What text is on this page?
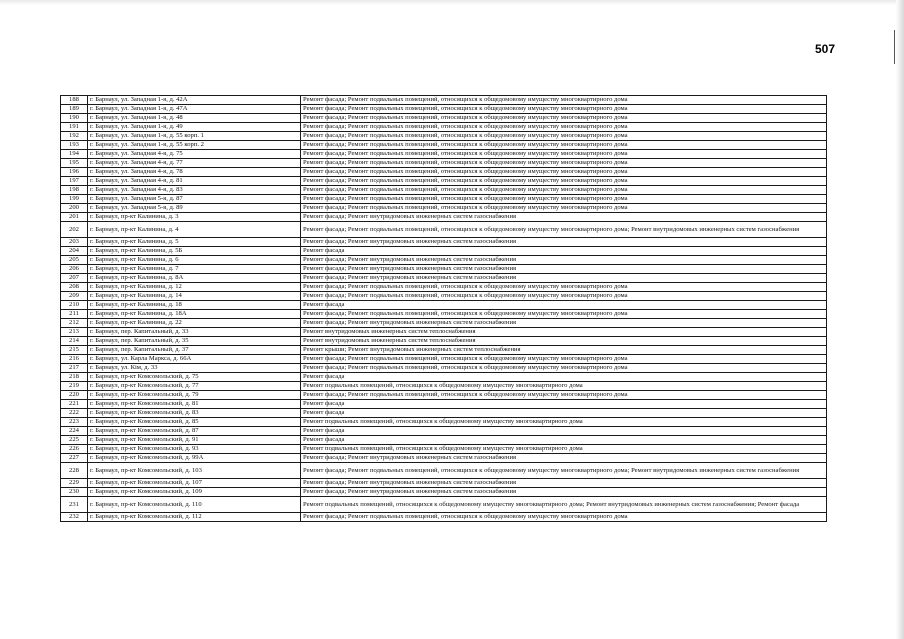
507
188	г. Барнаул, ул. Западная 1-я, д. 42А	Ремонт фасада; Ремонт подвальных помещений, относящихся к общедомовому имуществу многоквартирного дома
189	г. Барнаул, ул. Западная 1-я, д. 47А	Ремонт фасада; Ремонт подвальных помещений, относящихся к общедомовому имуществу многоквартирного дома
190	г. Барнаул, ул. Западная 1-я, д. 48	Ремонт фасада; Ремонт подвальных помещений, относящихся к общедомовому имуществу многоквартирного дома
191	г. Барнаул, ул. Западная 1-я, д. 49	Ремонт фасада; Ремонт подвальных помещений, относящихся к общедомовому имуществу многоквартирного дома
192	г. Барнаул, ул. Западная 1-я, д. 55 корп. 1	Ремонт фасада; Ремонт подвальных помещений, относящихся к общедомовому имуществу многоквартирного дома
193	г. Барнаул, ул. Западная 1-я, д. 55 корп. 2	Ремонт фасада; Ремонт подвальных помещений, относящихся к общедомовому имуществу многоквартирного дома
194	г. Барнаул, ул. Западная 4-я, д. 75	Ремонт фасада; Ремонт подвальных помещений, относящихся к общедомовому имуществу многоквартирного дома
195	г. Барнаул, ул. Западная 4-я, д. 77	Ремонт фасада; Ремонт подвальных помещений, относящихся к общедомовому имуществу многоквартирного дома
196	г. Барнаул, ул. Западная 4-я, д. 78	Ремонт фасада; Ремонт подвальных помещений, относящихся к общедомовому имуществу многоквартирного дома
197	г. Барнаул, ул. Западная 4-я, д. 81	Ремонт фасада; Ремонт подвальных помещений, относящихся к общедомовому имуществу многоквартирного дома
198	г. Барнаул, ул. Западная 4-я, д. 83	Ремонт фасада; Ремонт подвальных помещений, относящихся к общедомовому имуществу многоквартирного дома
199	г. Барнаул, ул. Западная 5-я, д. 87	Ремонт фасада; Ремонт подвальных помещений, относящихся к общедомовому имуществу многоквартирного дома
200	г. Барнаул, ул. Западная 5-я, д. 89	Ремонт фасада; Ремонт подвальных помещений, относящихся к общедомовому имуществу многоквартирного дома
201	г. Барнаул, пр-кт Калинина, д. 3	Ремонт фасада; Ремонт внутридомовых инженерных систем газоснабжения
202	г. Барнаул, пр-кт Калинина, д. 4	Ремонт фасада; Ремонт подвальных помещений, относящихся к общедомовому имуществу многоквартирного дома; Ремонт внутридомовых инженерных систем газоснабжения
203	г. Барнаул, пр-кт Калинина, д. 5	Ремонт фасада; Ремонт внутридомовых инженерных систем газоснабжения
204	г. Барнаул, пр-кт Калинина, д. 5Б	Ремонт фасада
205	г. Барнаул, пр-кт Калинина, д. 6	Ремонт фасада; Ремонт внутридомовых инженерных систем газоснабжения
206	г. Барнаул, пр-кт Калинина, д. 7	Ремонт фасада; Ремонт внутридомовых инженерных систем газоснабжения
207	г. Барнаул, пр-кт Калинина, д. 8А	Ремонт фасада; Ремонт внутридомовых инженерных систем газоснабжения
208	г. Барнаул, пр-кт Калинина, д. 12	Ремонт фасада; Ремонт подвальных помещений, относящихся к общедомовому имуществу многоквартирного дома
209	г. Барнаул, пр-кт Калинина, д. 14	Ремонт фасада; Ремонт подвальных помещений, относящихся к общедомовому имуществу многоквартирного дома
210	г. Барнаул, пр-кт Калинина, д. 18	Ремонт фасада
211	г. Барнаул, пр-кт Калинина, д. 18А	Ремонт фасада; Ремонт подвальных помещений, относящихся к общедомовому имуществу многоквартирного дома
212	г. Барнаул, пр-кт Калинина, д. 22	Ремонт фасада; Ремонт внутридомовых инженерных систем газоснабжения
213	г. Барнаул, пер. Капитальный, д. 33	Ремонт внутридомовых инженерных систем теплоснабжения
214	г. Барнаул, пер. Капитальный, д. 35	Ремонт внутридомовых инженерных систем теплоснабжения
215	г. Барнаул, пер. Капитальный, д. 37	Ремонт крыши; Ремонт внутридомовых инженерных систем теплоснабжения
216	г. Барнаул, ул. Карла Маркса, д. 66А	Ремонт фасада; Ремонт подвальных помещений, относящихся к общедомовому имуществу многоквартирного дома
217	г. Барнаул, ул. Кім, д. 33	Ремонт фасада; Ремонт подвальных помещений, относящихся к общедомовому имуществу многоквартирного дома
218	г. Барнаул, пр-кт Комсомольский, д. 75	Ремонт фасада
219	г. Барнаул, пр-кт Комсомольский, д. 77	Ремонт подвальных помещений, относящихся к общедомовому имуществу многоквартирного дома
220	г. Барнаул, пр-кт Комсомольский, д. 79	Ремонт фасада; Ремонт подвальных помещений, относящихся к общедомовому имуществу многоквартирного дома
221	г. Барнаул, пр-кт Комсомольский, д. 81	Ремонт фасада
222	г. Барнаул, пр-кт Комсомольский, д. 83	Ремонт фасада
223	г. Барнаул, пр-кт Комсомольский, д. 85	Ремонт подвальных помещений, относящихся к общедомовому имуществу многоквартирного дома
224	г. Барнаул, пр-кт Комсомольский, д. 87	Ремонт фасада
225	г. Барнаул, пр-кт Комсомольский, д. 91	Ремонт фасада
226	г. Барнаул, пр-кт Комсомольский, д. 93	Ремонт подвальных помещений, относящихся к общедомовому имуществу многоквартирного дома
227	г. Барнаул, пр-кт Комсомольский, д. 99А	Ремонт фасада; Ремонт внутридомовых инженерных систем газоснабжения
228	г. Барнаул, пр-кт Комсомольский, д. 103	Ремонт фасада; Ремонт подвальных помещений, относящихся к общедомовому имуществу многоквартирного дома; Ремонт внутридомовых инженерных систем газоснабжения
229	г. Барнаул, пр-кт Комсомольский, д. 107	Ремонт фасада; Ремонт внутридомовых инженерных систем газоснабжения
230	г. Барнаул, пр-кт Комсомольский, д. 109	Ремонт фасада; Ремонт внутридомовых инженерных систем газоснабжения
231	г. Барнаул, пр-кт Комсомольский, д. 110	Ремонт подвальных помещений, относящихся к общедомовому имуществу многоквартирного дома; Ремонт внутридомовых инженерных систем газоснабжения; Ремонт фасада
232	г. Барнаул, пр-кт Комсомольский, д. 112	Ремонт фасада; Ремонт подвальных помещений, относящихся к общедомовому имуществу многоквартирного дома
